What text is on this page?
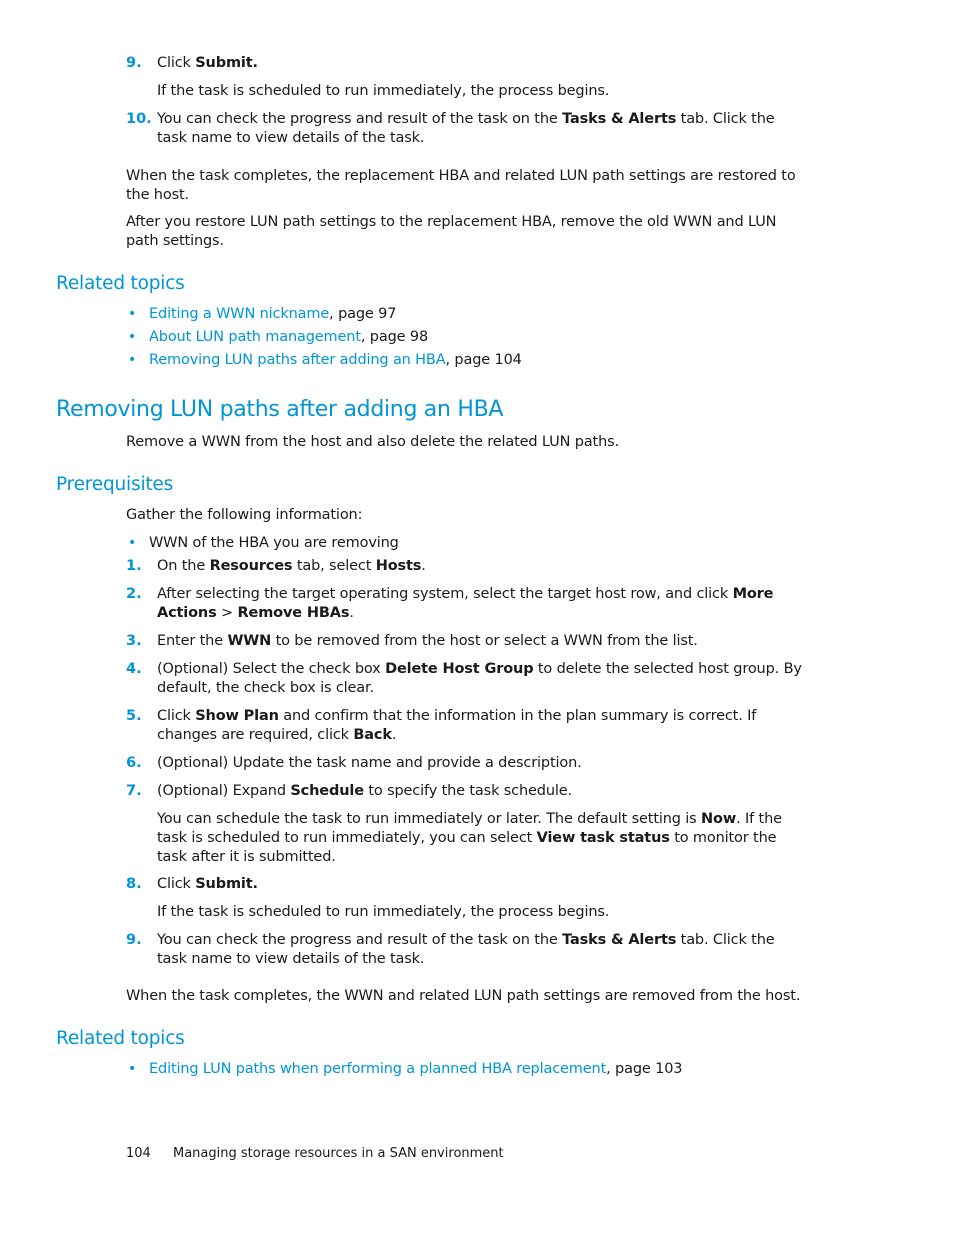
9. Click Submit.
If the task is scheduled to run immediately, the process begins.
10. You can check the progress and result of the task on the Tasks & Alerts tab. Click the task name to view details of the task.
When the task completes, the replacement HBA and related LUN path settings are restored to the host.
After you restore LUN path settings to the replacement HBA, remove the old WWN and LUN path settings.
Related topics
• Editing a WWN nickname, page 97
• About LUN path management, page 98
• Removing LUN paths after adding an HBA, page 104
Removing LUN paths after adding an HBA
Remove a WWN from the host and also delete the related LUN paths.
Prerequisites
Gather the following information:
• WWN of the HBA you are removing
1. On the Resources tab, select Hosts.
2. After selecting the target operating system, select the target host row, and click More Actions > Remove HBAs.
3. Enter the WWN to be removed from the host or select a WWN from the list.
4. (Optional) Select the check box Delete Host Group to delete the selected host group. By default, the check box is clear.
5. Click Show Plan and confirm that the information in the plan summary is correct. If changes are required, click Back.
6. (Optional) Update the task name and provide a description.
7. (Optional) Expand Schedule to specify the task schedule.
You can schedule the task to run immediately or later. The default setting is Now. If the task is scheduled to run immediately, you can select View task status to monitor the task after it is submitted.
8. Click Submit.
If the task is scheduled to run immediately, the process begins.
9. You can check the progress and result of the task on the Tasks & Alerts tab. Click the task name to view details of the task.
When the task completes, the WWN and related LUN path settings are removed from the host.
Related topics
• Editing LUN paths when performing a planned HBA replacement, page 103
104 Managing storage resources in a SAN environment
